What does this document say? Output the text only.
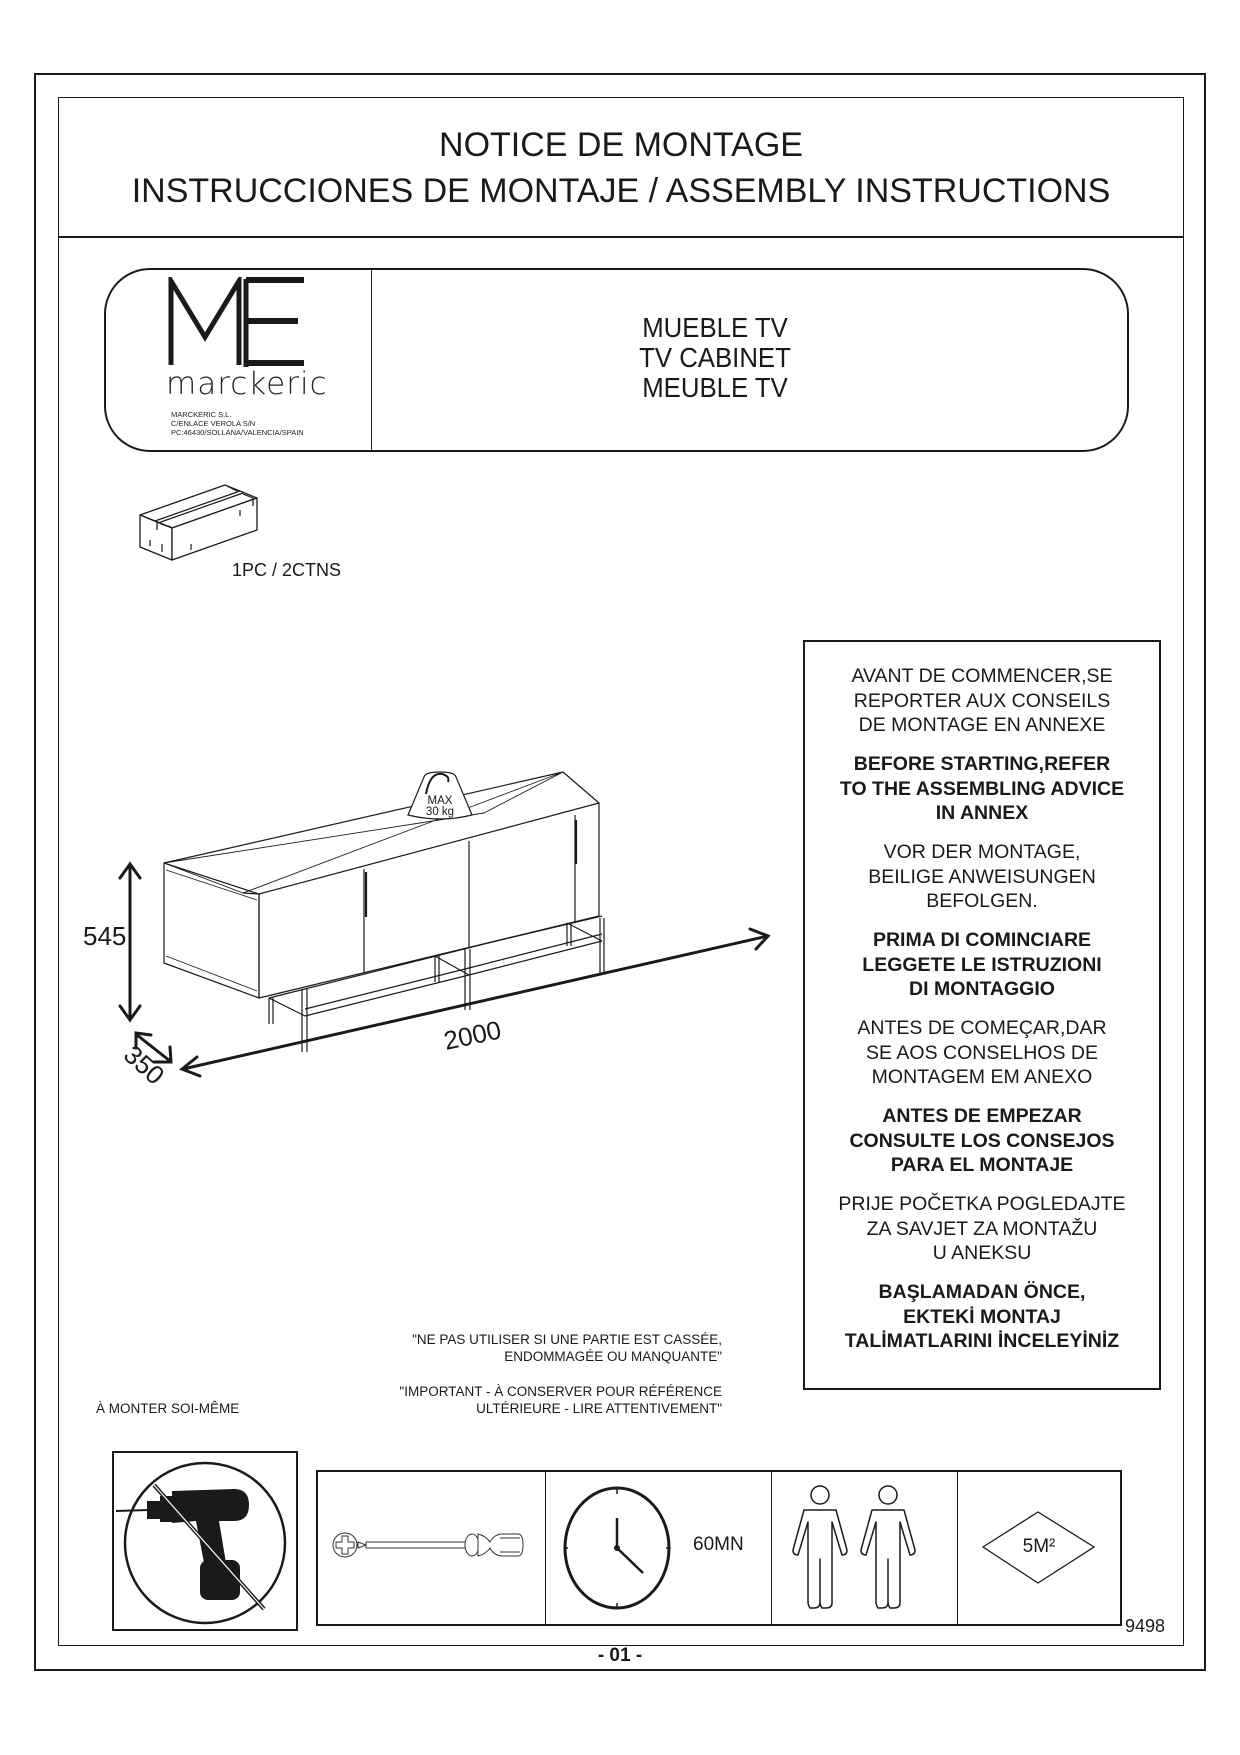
NOTICE DE MONTAGE
INSTRUCCIONES DE MONTAJE / ASSEMBLY INSTRUCTIONS
marckeric
MARCKERIC S.L.
C/ENLACE VEROLA S/N
PC:46430/SOLLANA/VALENCIA/SPAIN
MUEBLE TV
TV CABINET
MEUBLE TV
1PC / 2CTNS
MAX
30 kg
545
350
2000
AVANT DE COMMENCER,SE
REPORTER AUX CONSEILS
DE MONTAGE EN ANNEXE
BEFORE STARTING,REFER
TO THE ASSEMBLING ADVICE
IN ANNEX
VOR DER MONTAGE,
BEILIGE ANWEISUNGEN
BEFOLGEN.
PRIMA DI COMINCIARE
LEGGETE LE ISTRUZIONI
DI MONTAGGIO
ANTES DE COMEÇAR,DAR
SE AOS CONSELHOS DE
MONTAGEM EM ANEXO
ANTES DE EMPEZAR
CONSULTE LOS CONSEJOS
PARA EL MONTAJE
PRIJE POČETKA POGLEDAJTE
ZA SAVJET ZA MONTAŽU
U ANEKSU
BAŞLAMADAN ÖNCE,
EKTEKİ MONTAJ
TALİMATLARINI İNCELEYİNİZ
"NE PAS UTILISER SI UNE PARTIE EST CASSÉE,
ENDOMMAGÉE OU MANQUANTE"
"IMPORTANT - À CONSERVER POUR RÉFÉRENCE
ULTÉRIEURE - LIRE ATTENTIVEMENT"
À MONTER SOI-MÊME
60MN	5M²
9498
- 01 -
